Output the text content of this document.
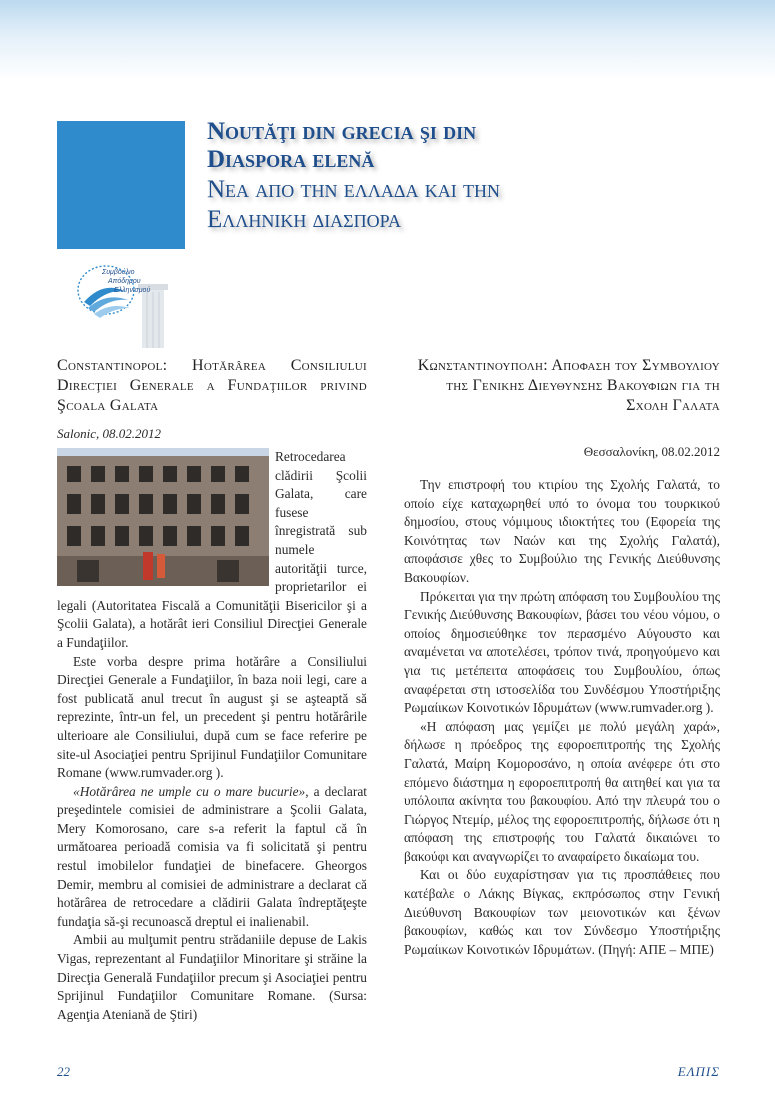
Noutăţi din grecia şi din
Diaspora elenă
Νεα απο την ελλαδα και την
Ελληνικη διασπορα
Συμβούλιο
Απόδημου
Ελληνισμού
Constantinopol: Hotărârea Consiliului Direcţiei Generale a Fundaţiilor privind Şcoala Galata
Salonic, 08.02.2012

Retrocedarea clădirii Şcolii Galata, care fusese înregistrată sub numele autorităţii turce, proprietarilor ei legali (Autoritatea Fiscală a Comunităţii Bisericilor şi a Şcolii Galata), a hotărât ieri Consiliul Direcţiei Generale a Fundaţiilor.

Este vorba despre prima hotărâre a Consiliului Direcţiei Generale a Fundaţiilor, în baza noii legi, care a fost publicată anul trecut în august şi se aşteaptă să reprezinte, într-un fel, un precedent şi pentru hotărârile ulterioare ale Consiliului, după cum se face referire pe site-ul Asociaţiei pentru Sprijinul Fundaţiilor Comunitare Romane (www.rumvader.org ).

«Hotărârea ne umple cu o mare bucurie», a declarat preşedintele comisiei de administrare a Şcolii Galata, Mery Komorosano, care s-a referit la faptul că în următoarea perioadă comisia va fi solicitată şi pentru restul imobilelor fundaţiei de binefacere. Gheorgos Demir, membru al comisiei de administrare a declarat că hotărârea de retrocedare a clădirii Galata îndreptăţeşte fundaţia să-şi recunoască dreptul ei inalienabil.

Ambii au mulţumit pentru strădaniile depuse de Lakis Vigas, reprezentant al Fundaţiilor Minoritare şi străine la Direcţia Generală Fundaţiilor precum şi Asociaţiei pentru Sprijinul Fundaţiilor Comunitare Romane. (Sursa: Agenţia Ateniană de Ştiri)

Κωνσταντινουπολη: Αποφαση του Συμβουλιου της Γενικης Διευθυνσης Βακουφιων για τη Σχολη Γαλατα
Θεσσαλονίκη, 08.02.2012

Την επιστροφή του κτιρίου της Σχολής Γαλατά, το οποίο είχε καταχωρηθεί υπό το όνομα του τουρκικού δημοσίου, στους νόμιμους ιδιοκτήτες του (Εφορεία της Κοινότητας των Ναών και της Σχολής Γαλατά), αποφάσισε χθες το Συμβούλιο της Γενικής Διεύθυνσης Βακουφίων.

Πρόκειται για την πρώτη απόφαση του Συμβουλίου της Γενικής Διεύθυνσης Βακουφίων, βάσει του νέου νόμου, ο οποίος δημοσιεύθηκε τον περασμένο Αύγουστο και αναμένεται να αποτελέσει, τρόπον τινά, προηγούμενο και για τις μετέπειτα αποφάσεις του Συμβουλίου, όπως αναφέρεται στη ιστοσελίδα του Συνδέσμου Υποστήριξης Ρωμαίικων Κοινοτικών Ιδρυμάτων (www.rumvader.org ).

«Η απόφαση μας γεμίζει με πολύ μεγάλη χαρά», δήλωσε η πρόεδρος της εφοροεπιτροπής της Σχολής Γαλατά, Μαίρη Κομοροσάνο, η οποία ανέφερε ότι στο επόμενο διάστημα η εφοροεπιτροπή θα αιτηθεί και για τα υπόλοιπα ακίνητα του βακουφίου. Από την πλευρά του ο Γιώργος Ντεμίρ, μέλος της εφοροεπιτροπής, δήλωσε ότι η απόφαση της επιστροφής του Γαλατά δικαιώνει το βακούφι και αναγνωρίζει το αναφαίρετο δικαίωμα του.

Και οι δύο ευχαρίστησαν για τις προσπάθειες που κατέβαλε ο Λάκης Βίγκας, εκπρόσωπος στην Γενική Διεύθυνση Βακουφίων των μειονοτικών και ξένων βακουφίων, καθώς και τον Σύνδεσμο Υποστήριξης Ρωμαίικων Κοινοτικών Ιδρυμάτων. (Πηγή: ΑΠΕ – ΜΠΕ)

22	ΕΛΠΙΣ
